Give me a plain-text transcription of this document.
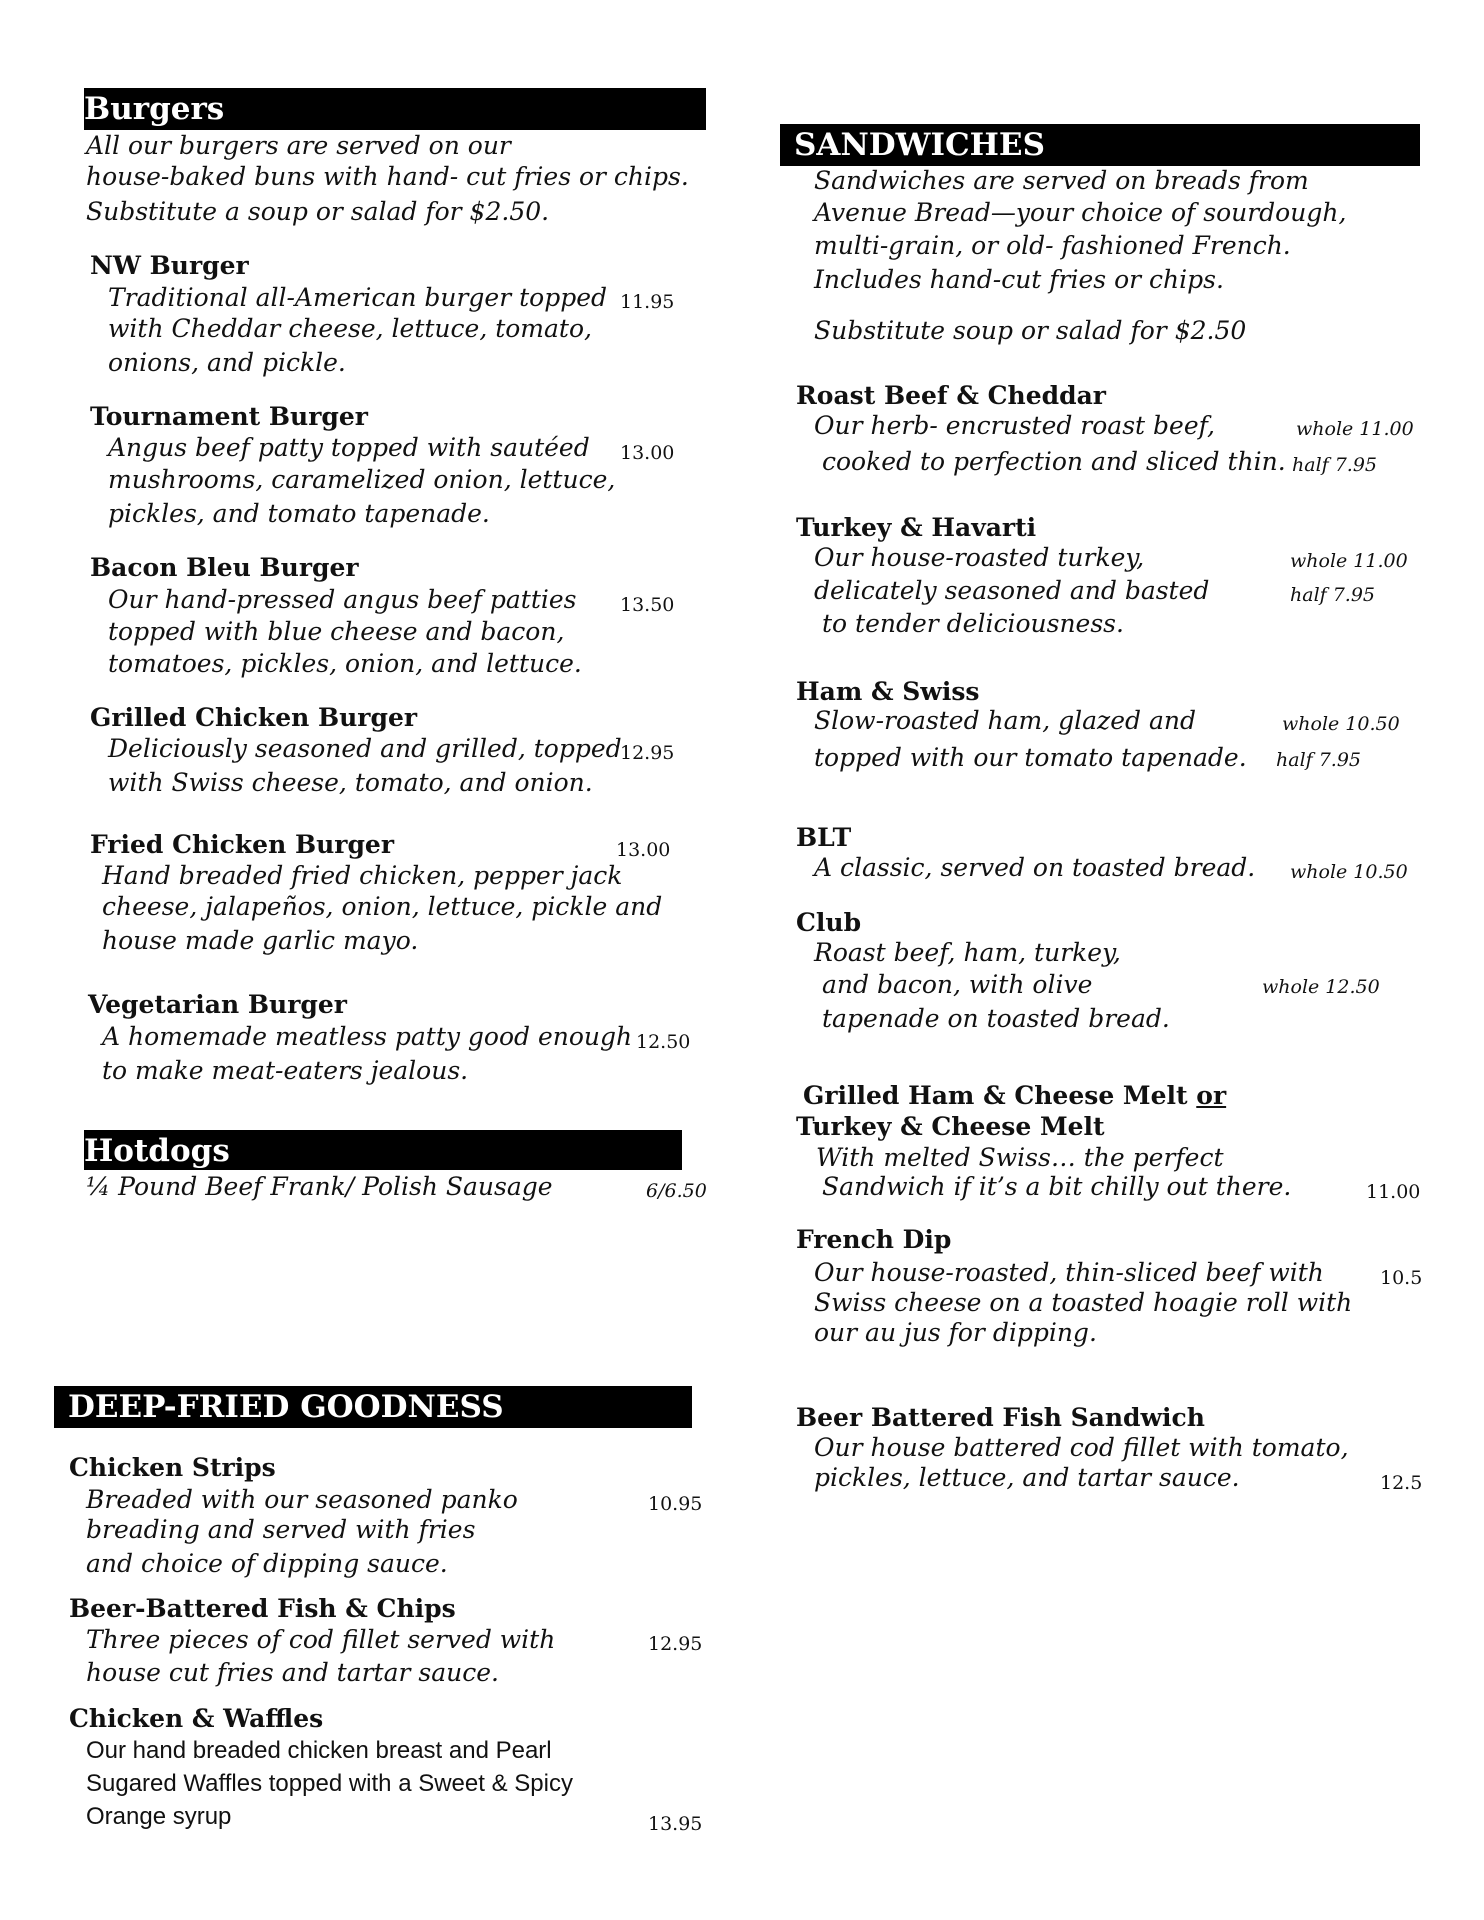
Burgers
All our burgers are served on our
house-baked buns with hand- cut fries or chips.
Substitute a soup or salad for $2.50.
NW Burger
Traditional all-American burger topped
with Cheddar cheese, lettuce, tomato,
onions, and pickle.
11.95
Tournament Burger
Angus beef patty topped with sautéed
mushrooms, caramelized onion, lettuce,
pickles, and tomato tapenade.
13.00
Bacon Bleu Burger
Our hand-pressed angus beef patties
topped with blue cheese and bacon,
tomatoes, pickles, onion, and lettuce.
13.50
Grilled Chicken Burger
Deliciously seasoned and grilled, topped
with Swiss cheese, tomato, and onion.
12.95
Fried Chicken Burger	13.00
Hand breaded fried chicken, pepper jack
cheese, jalapeños, onion, lettuce, pickle and
house made garlic mayo.
Vegetarian Burger
A homemade meatless patty good enough
to make meat-eaters jealous.
12.50
Hotdogs
¼ Pound Beef Frank/ Polish Sausage	6/6.50
DEEP-FRIED GOODNESS
Chicken Strips
Breaded with our seasoned panko
breading and served with fries
and choice of dipping sauce.
10.95
Beer-Battered Fish & Chips
Three pieces of cod fillet served with
house cut fries and tartar sauce.
12.95
Chicken & Waffles
Our hand breaded chicken breast and Pearl
Sugared Waffles topped with a Sweet & Spicy
Orange syrup	13.95
SANDWICHES
Sandwiches are served on breads from
Avenue Bread—your choice of sourdough,
multi-grain, or old- fashioned French.
Includes hand-cut fries or chips.
Substitute soup or salad for $2.50
Roast Beef & Cheddar
Our herb- encrusted roast beef,
cooked to perfection and sliced thin.
whole 11.00
half 7.95
Turkey & Havarti
Our house-roasted turkey,
delicately seasoned and basted
to tender deliciousness.
whole 11.00
half 7.95
Ham & Swiss
Slow-roasted ham, glazed and
topped with our tomato tapenade.
whole 10.50
half 7.95
BLT
A classic, served on toasted bread. whole 10.50
Club
Roast beef, ham, turkey,
and bacon, with olive
tapenade on toasted bread.
whole 12.50
Grilled Ham & Cheese Melt or
Turkey & Cheese Melt
With melted Swiss… the perfect
Sandwich if it’s a bit chilly out there.	11.00
French Dip
Our house-roasted, thin-sliced beef with
Swiss cheese on a toasted hoagie roll with
our au jus for dipping.
10.5
Beer Battered Fish Sandwich
Our house battered cod fillet with tomato,
pickles, lettuce, and tartar sauce.	12.5
